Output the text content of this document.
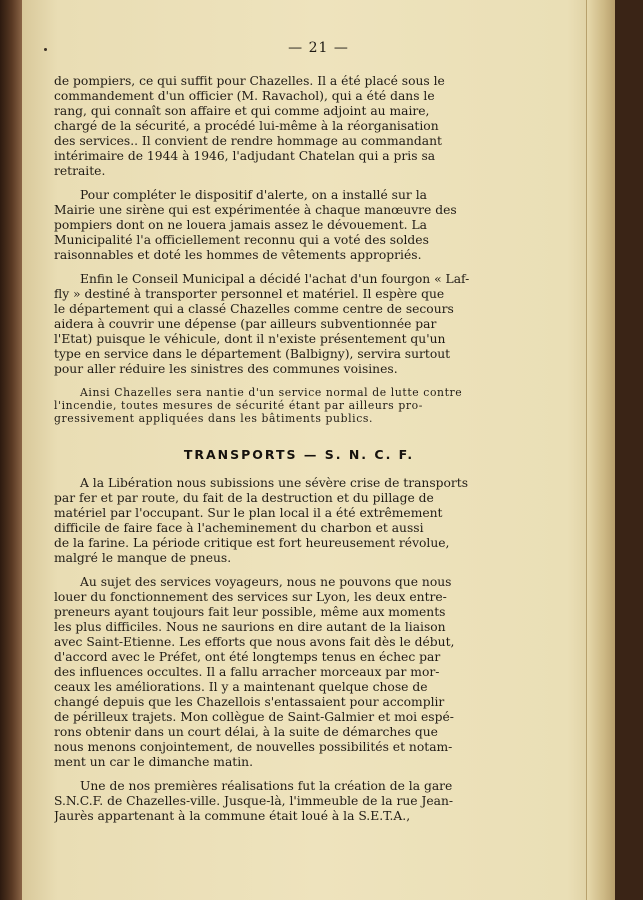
— 21 —
de pompiers, ce qui suffit pour Chazelles. Il a été placé sous le
commandement d'un officier (M. Ravachol), qui a été dans le
rang, qui connaît son affaire et qui comme adjoint au maire,
chargé de la sécurité, a procédé lui-même à la réorganisation
des services.. Il convient de rendre hommage au commandant
intérimaire de 1944 à 1946, l'adjudant Chatelan qui a pris sa
retraite.
Pour compléter le dispositif d'alerte, on a installé sur la
Mairie une sirène qui est expérimentée à chaque manœuvre des
pompiers dont on ne louera jamais assez le dévouement. La
Municipalité l'a officiellement reconnu qui a voté des soldes
raisonnables et doté les hommes de vêtements appropriés.
Enfin le Conseil Municipal a décidé l'achat d'un fourgon « Laf-
fly » destiné à transporter personnel et matériel. Il espère que
le département qui a classé Chazelles comme centre de secours
aidera à couvrir une dépense (par ailleurs subventionnée par
l'Etat) puisque le véhicule, dont il n'existe présentement qu'un
type en service dans le département (Balbigny), servira surtout
pour aller réduire les sinistres des communes voisines.
Ainsi Chazelles sera nantie d'un service normal de lutte contre
l'incendie, toutes mesures de sécurité étant par ailleurs pro-
gressivement appliquées dans les bâtiments publics.
TRANSPORTS — S. N. C. F.
A la Libération nous subissions une sévère crise de transports
par fer et par route, du fait de la destruction et du pillage de
matériel par l'occupant. Sur le plan local il a été extrêmement
difficile de faire face à l'acheminement du charbon et aussi
de la farine. La période critique est fort heureusement révolue,
malgré le manque de pneus.
Au sujet des services voyageurs, nous ne pouvons que nous
louer du fonctionnement des services sur Lyon, les deux entre-
preneurs ayant toujours fait leur possible, même aux moments
les plus difficiles. Nous ne saurions en dire autant de la liaison
avec Saint-Etienne. Les efforts que nous avons fait dès le début,
d'accord avec le Préfet, ont été longtemps tenus en échec par
des influences occultes. Il a fallu arracher morceaux par mor-
ceaux les améliorations. Il y a maintenant quelque chose de
changé depuis que les Chazellois s'entassaient pour accomplir
de périlleux trajets. Mon collègue de Saint-Galmier et moi espé-
rons obtenir dans un court délai, à la suite de démarches que
nous menons conjointement, de nouvelles possibilités et notam-
ment un car le dimanche matin.
Une de nos premières réalisations fut la création de la gare
S.N.C.F. de Chazelles-ville. Jusque-là, l'immeuble de la rue Jean-
Jaurès appartenant à la commune était loué à la S.E.T.A.,
